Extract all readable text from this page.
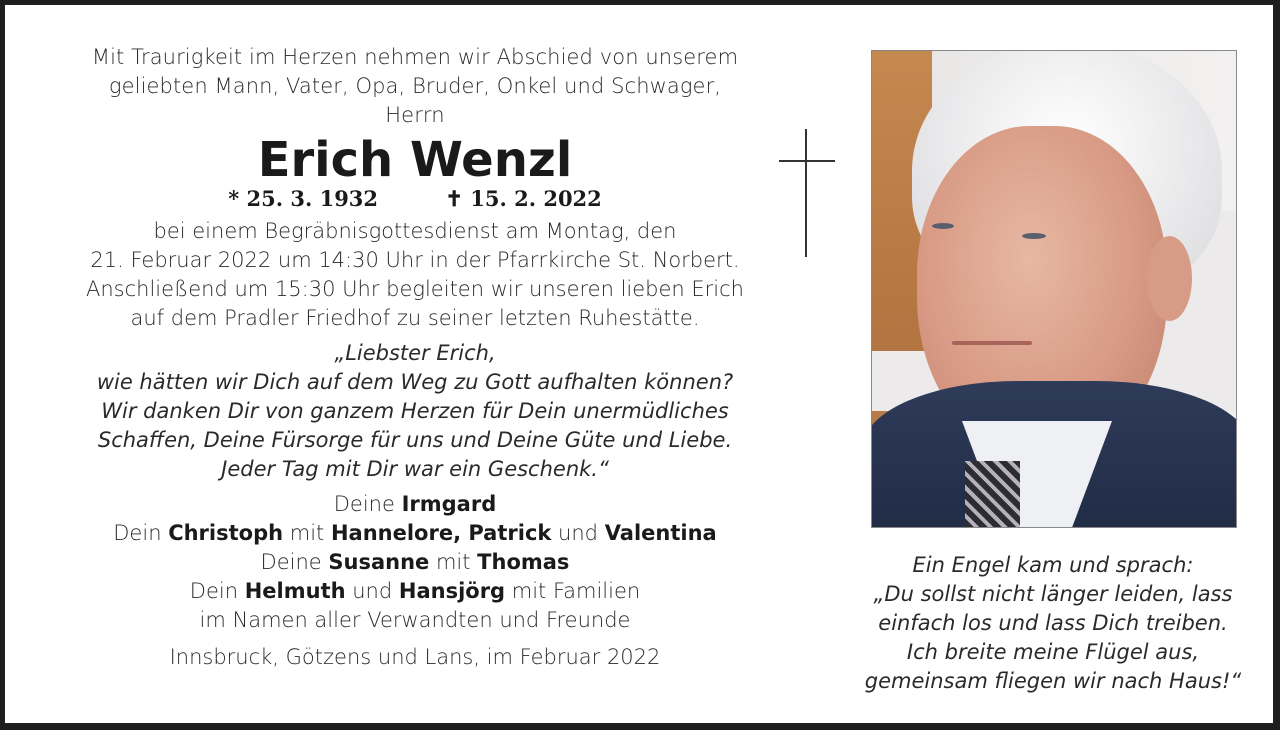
Mit Traurigkeit im Herzen nehmen wir Abschied von unserem
geliebten Mann, Vater, Opa, Bruder, Onkel und Schwager,
Herrn
Erich Wenzl
* 25. 3. 1932	✝ 15. 2. 2022
bei einem Begräbnisgottesdienst am Montag, den
21. Februar 2022 um 14:30 Uhr in der Pfarrkirche St. Norbert.
Anschließend um 15:30 Uhr begleiten wir unseren lieben Erich
auf dem Pradler Friedhof zu seiner letzten Ruhestätte.
„Liebster Erich,
wie hätten wir Dich auf dem Weg zu Gott aufhalten können?
Wir danken Dir von ganzem Herzen für Dein unermüdliches
Schaffen, Deine Fürsorge für uns und Deine Güte und Liebe.
Jeder Tag mit Dir war ein Geschenk.“
Deine Irmgard
Dein Christoph mit Hannelore, Patrick und Valentina
Deine Susanne mit Thomas
Dein Helmuth und Hansjörg mit Familien
im Namen aller Verwandten und Freunde
Innsbruck, Götzens und Lans, im Februar 2022
Ein Engel kam und sprach:
„Du sollst nicht länger leiden, lass
einfach los und lass Dich treiben.
Ich breite meine Flügel aus,
gemeinsam fliegen wir nach Haus!“
